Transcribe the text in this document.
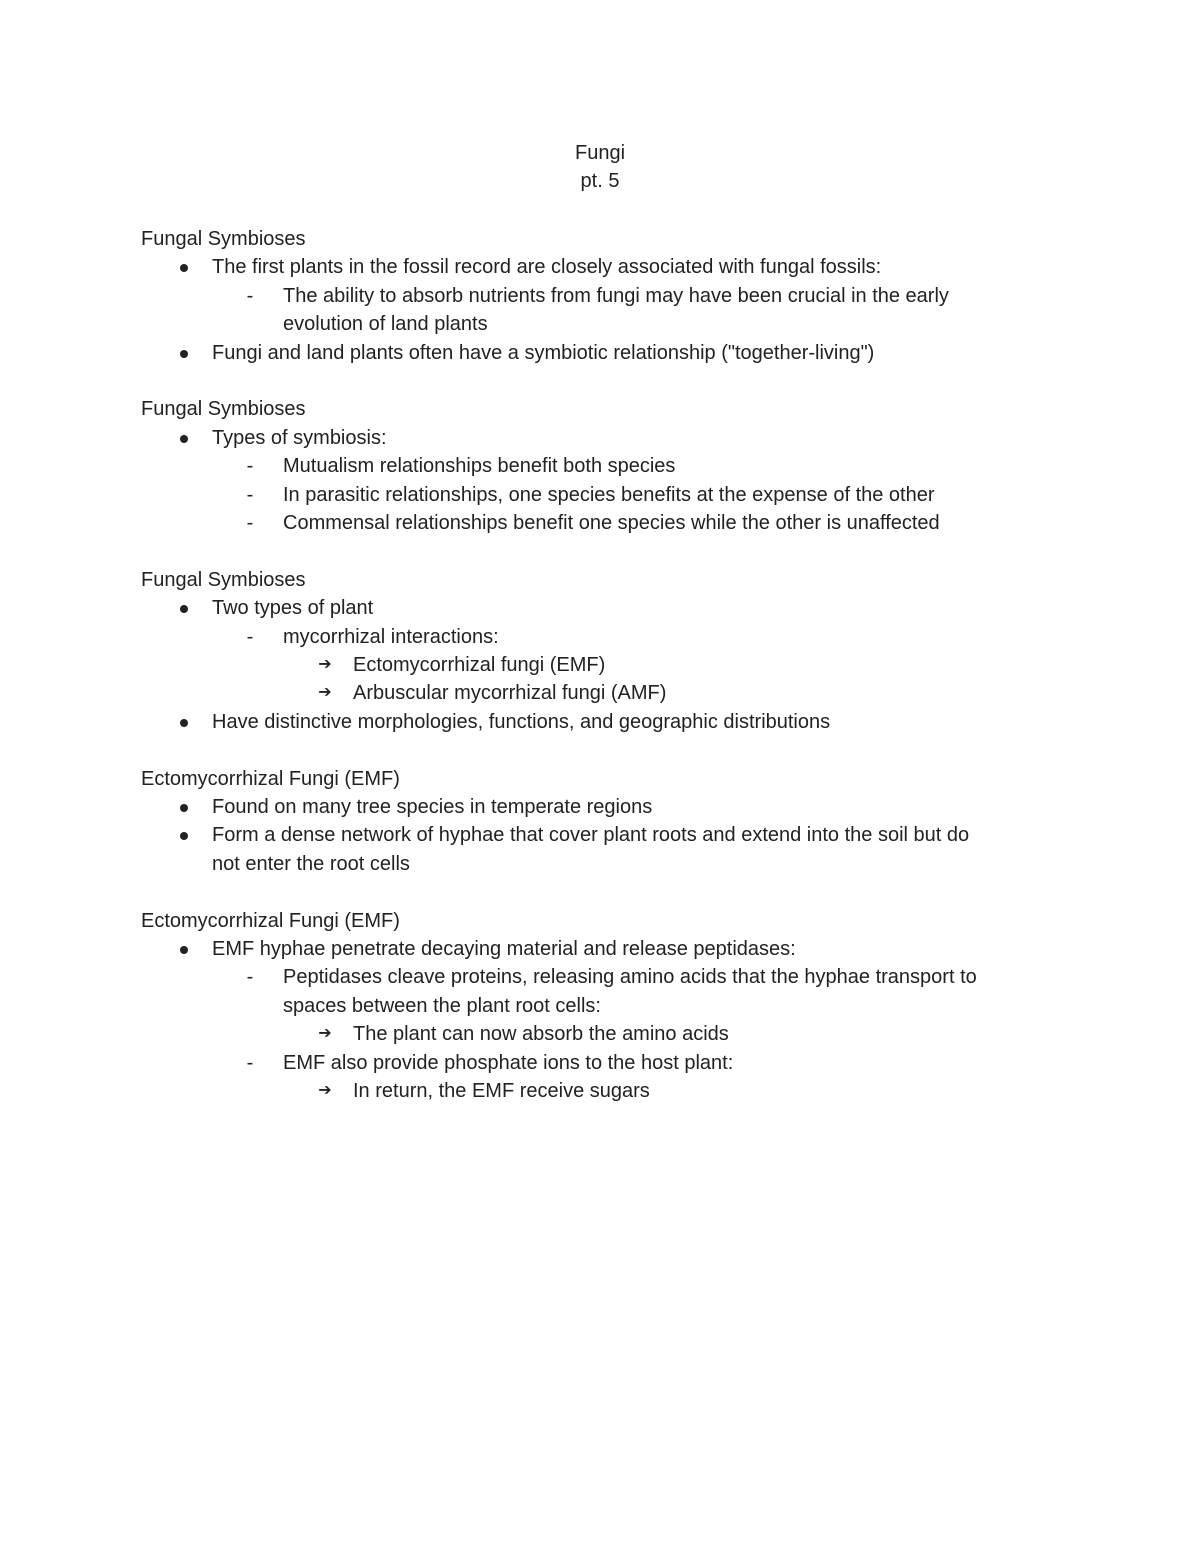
Fungi
pt. 5
Fungal Symbioses
The first plants in the fossil record are closely associated with fungal fossils:
- The ability to absorb nutrients from fungi may have been crucial in the early
evolution of land plants
Fungi and land plants often have a symbiotic relationship ("together-living")
Fungal Symbioses
Types of symbiosis:
- Mutualism relationships benefit both species
- In parasitic relationships, one species benefits at the expense of the other
- Commensal relationships benefit one species while the other is unaffected
Fungal Symbioses
Two types of plant
- mycorrhizal interactions:
➔ Ectomycorrhizal fungi (EMF)
➔ Arbuscular mycorrhizal fungi (AMF)
Have distinctive morphologies, functions, and geographic distributions
Ectomycorrhizal Fungi (EMF)
Found on many tree species in temperate regions
Form a dense network of hyphae that cover plant roots and extend into the soil but do
not enter the root cells
Ectomycorrhizal Fungi (EMF)
EMF hyphae penetrate decaying material and release peptidases:
- Peptidases cleave proteins, releasing amino acids that the hyphae transport to
spaces between the plant root cells:
➔ The plant can now absorb the amino acids
- EMF also provide phosphate ions to the host plant:
➔ In return, the EMF receive sugars
